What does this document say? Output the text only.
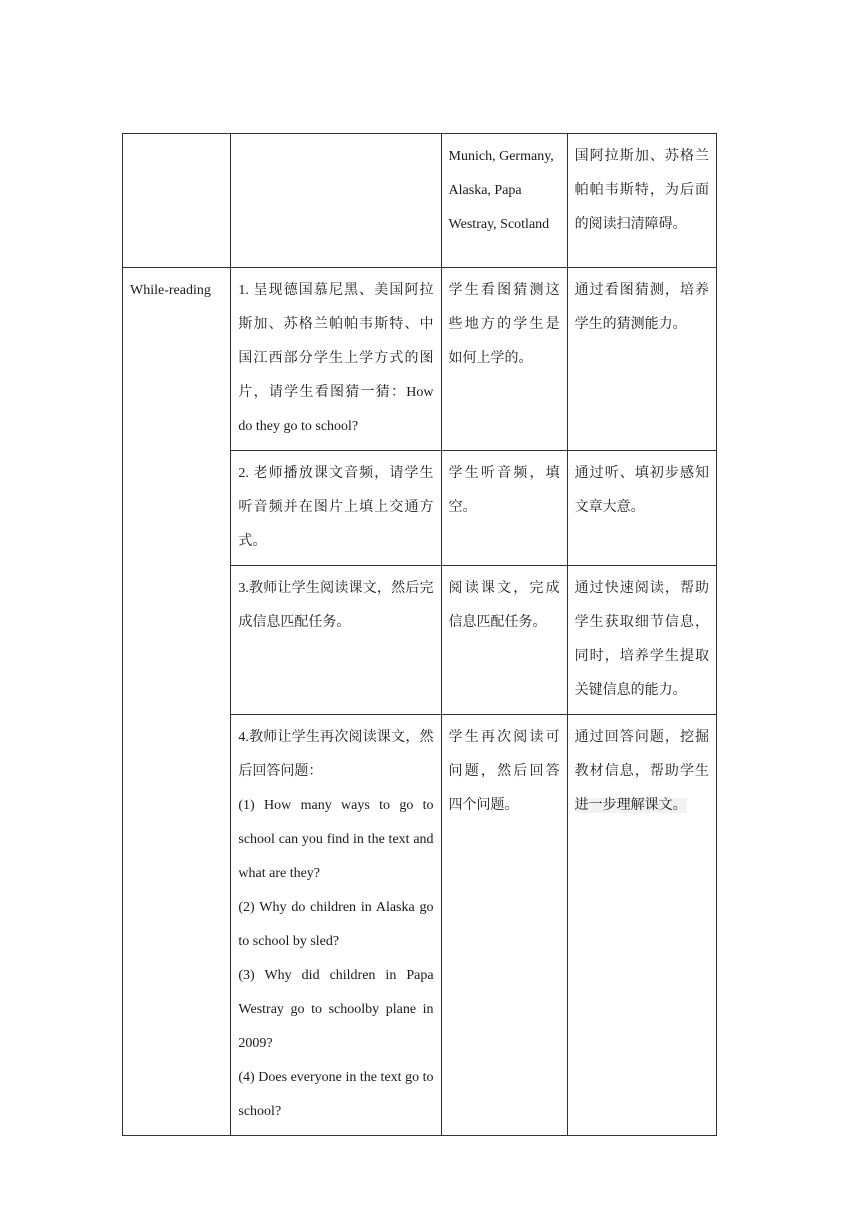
		Munich, Germany, Alaska, Papa Westray, Scotland	国阿拉斯加、苏格兰帕帕韦斯特，为后面的阅读扫清障碍。

While-reading	1. 呈现德国慕尼黑、美国阿拉斯加、苏格兰帕帕韦斯特、中国江西部分学生上学方式的图片，请学生看图猜一猜：How do they go to school?	学生看图猜测这些地方的学生是如何上学的。	通过看图猜测，培养学生的猜测能力。

	2. 老师播放课文音频，请学生听音频并在图片上填上交通方式。	学生听音频，填空。	通过听、填初步感知文章大意。

	3.教师让学生阅读课文，然后完成信息匹配任务。	阅读课文，完成信息匹配任务。	通过快速阅读，帮助学生获取细节信息，同时，培养学生提取关键信息的能力。

	4.教师让学生再次阅读课文，然后回答问题：

(1) How many ways to go to school can you find in the text and what are they?

(2) Why do children in Alaska go to school by sled?

(3) Why did children in Papa Westray go to schoolby plane in 2009?

(4) Does everyone in the text go to school?	学生再次阅读可问题，然后回答四个问题。	通过回答问题，挖掘教材信息，帮助学生进一步理解课文。
